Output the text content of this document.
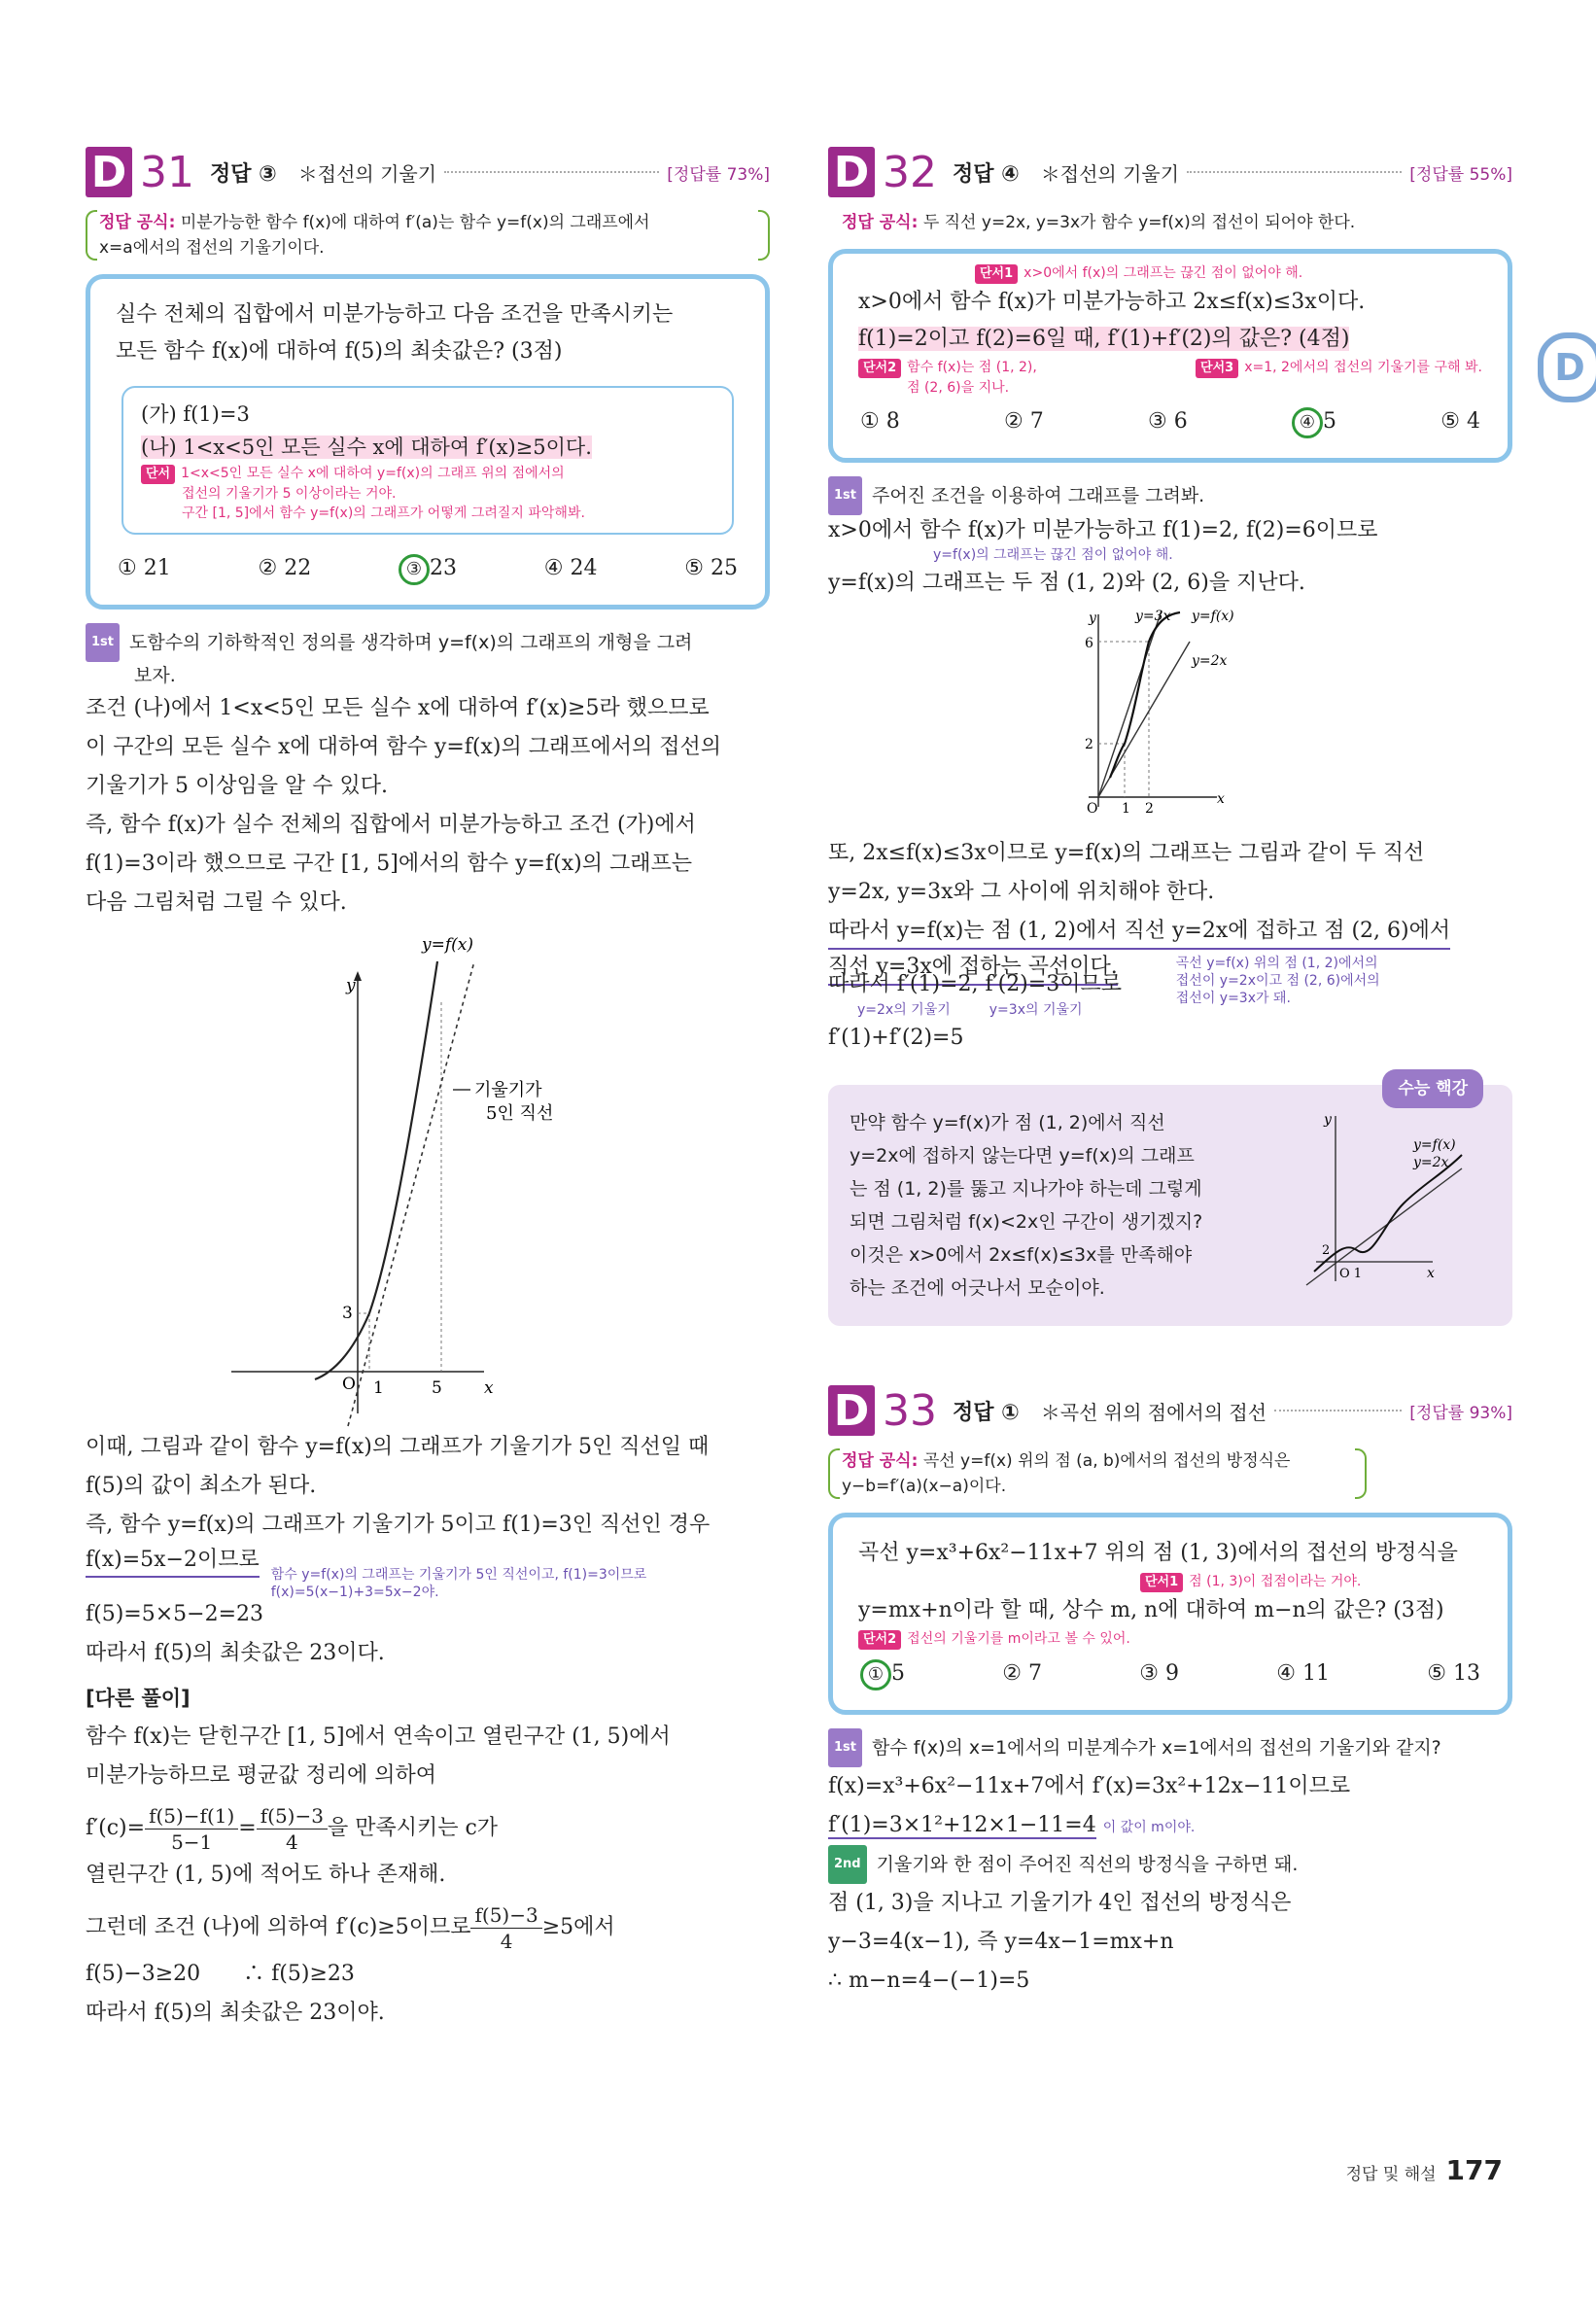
D
D 31 정답 ③ ＊접선의 기울기	[정답률 73%]
정답 공식: 미분가능한 함수 f(x)에 대하여 f′(a)는 함수 y=f(x)의 그래프에서
x=a에서의 접선의 기울기이다.
실수 전체의 집합에서 미분가능하고 다음 조건을 만족시키는
모든 함수 f(x)에 대하여 f(5)의 최솟값은? (3점)
(가) f(1)=3
(나) 1<x<5인 모든 실수 x에 대하여 f′(x)≥5이다.
단서 1<x<5인 모든 실수 x에 대하여 y=f(x)의 그래프 위의 점에서의
접선의 기울기가 5 이상이라는 거야.
구간 [1, 5]에서 함수 y=f(x)의 그래프가 어떻게 그려질지 파악해봐.
① 21	② 22	③ 23	④ 24	⑤ 25

1st 도함수의 기하학적인 정의를 생각하며 y=f(x)의 그래프의 개형을 그려

보자.

조건 (나)에서 1<x<5인 모든 실수 x에 대하여 f′(x)≥5라 했으므로

이 구간의 모든 실수 x에 대하여 함수 y=f(x)의 그래프에서의 접선의

기울기가 5 이상임을 알 수 있다.

즉, 함수 f(x)가 실수 전체의 집합에서 미분가능하고 조건 (가)에서

f(1)=3이라 했으므로 구간 [1, 5]에서의 함수 y=f(x)의 그래프는

다음 그림처럼 그릴 수 있다.

y
x
O
3
1	5
y=f(x)
기울기가
5인 직선

이때, 그림과 같이 함수 y=f(x)의 그래프가 기울기가 5인 직선일 때

f(5)의 값이 최소가 된다.

즉, 함수 y=f(x)의 그래프가 기울기가 5이고 f(1)=3인 직선인 경우

f(x)=5x−2이므로
함수 y=f(x)의 그래프는 기울기가 5인 직선이고, f(1)=3이므로
f(x)=5(x−1)+3=5x−2야.

f(5)=5×5−2=23

따라서 f(5)의 최솟값은 23이다.

[다른 풀이]

함수 f(x)는 닫힌구간 [1, 5]에서 연속이고 열린구간 (1, 5)에서

미분가능하므로 평균값 정리에 의하여

$f'(c)= \frac{f(5)-f(1)}{5-1} = \frac{f(5)-3}{4}$ 을 만족시키는 c가

열린구간 (1, 5)에 적어도 하나 존재해.

그런데 조건 (나)에 의하여 f′(c)≥5이므로 $\frac{f(5)-3}{4} \ge 5$에서

f(5)−3≥20　　∴ f(5)≥23

따라서 f(5)의 최솟값은 23이야.

D 32 정답 ④ ＊접선의 기울기	[정답률 55%]
정답 공식: 두 직선 y=2x, y=3x가 함수 y=f(x)의 접선이 되어야 한다.
단서1 x>0에서 f(x)의 그래프는 끊긴 점이 없어야 해.
x>0에서 함수 f(x)가 미분가능하고 2x≤f(x)≤3x이다.
f(1)=2이고 f(2)=6일 때, f′(1)+f′(2)의 값은? (4점)
단서2 함수 f(x)는 점 (1, 2),
점 (2, 6)을 지나.
단서3 x=1, 2에서의 접선의 기울기를 구해 봐.
① 8	② 7	③ 6	④ 5	⑤ 4

1st 주어진 조건을 이용하여 그래프를 그려봐.

x>0에서 함수 f(x)가 미분가능하고 f(1)=2, f(2)=6이므로

y=f(x)의 그래프는 끊긴 점이 없어야 해.

y=f(x)의 그래프는 두 점 (1, 2)와 (2, 6)을 지난다.

y
x
O
6
2
1 2
y=3x y=f(x)
y=2x

또, 2x≤f(x)≤3x이므로 y=f(x)의 그래프는 그림과 같이 두 직선

y=2x, y=3x와 그 사이에 위치해야 한다.

따라서 y=f(x)는 점 (1, 2)에서 직선 y=2x에 접하고 점 (2, 6)에서

직선 y=3x에 접하는 곡선이다.	곡선 y=f(x) 위의 점 (1, 2)에서의
접선이 y=2x이고 점 (2, 6)에서의
접선이 y=3x가 돼.

따라서 f′(1)=2, f′(2)=3이므로

y=2x의 기울기	y=3x의 기울기

f′(1)+f′(2)=5

수능 핵강
만약 함수 y=f(x)가 점 (1, 2)에서 직선
y=2x에 접하지 않는다면 y=f(x)의 그래프
는 점 (1, 2)를 뚫고 지나가야 하는데 그렇게
되면 그림처럼 f(x)<2x인 구간이 생기겠지?
이것은 x>0에서 2x≤f(x)≤3x를 만족해야
하는 조건에 어긋나서 모순이야.
y
x
2
O 1
y=f(x)
y=2x
D 33 정답 ① ＊곡선 위의 점에서의 접선	[정답률 93%]
정답 공식: 곡선 y=f(x) 위의 점 (a, b)에서의 접선의 방정식은
y−b=f′(a)(x−a)이다.
곡선 y=x³+6x²−11x+7 위의 점 (1, 3)에서의 접선의 방정식을
단서1 점 (1, 3)이 접점이라는 거야.
y=mx+n이라 할 때, 상수 m, n에 대하여 m−n의 값은? (3점)
단서2 접선의 기울기를 m이라고 볼 수 있어.
① 5	② 7	③ 9	④ 11	⑤ 13

1st 함수 f(x)의 x=1에서의 미분계수가 x=1에서의 접선의 기울기와 같지?

f(x)=x³+6x²−11x+7에서 f′(x)=3x²+12x−11이므로

f′(1)=3×1²+12×1−11=4 이 값이 m이야.

2nd 기울기와 한 점이 주어진 직선의 방정식을 구하면 돼.

점 (1, 3)을 지나고 기울기가 4인 접선의 방정식은

y−3=4(x−1), 즉 y=4x−1=mx+n

∴ m−n=4−(−1)=5

정답 및 해설 177
